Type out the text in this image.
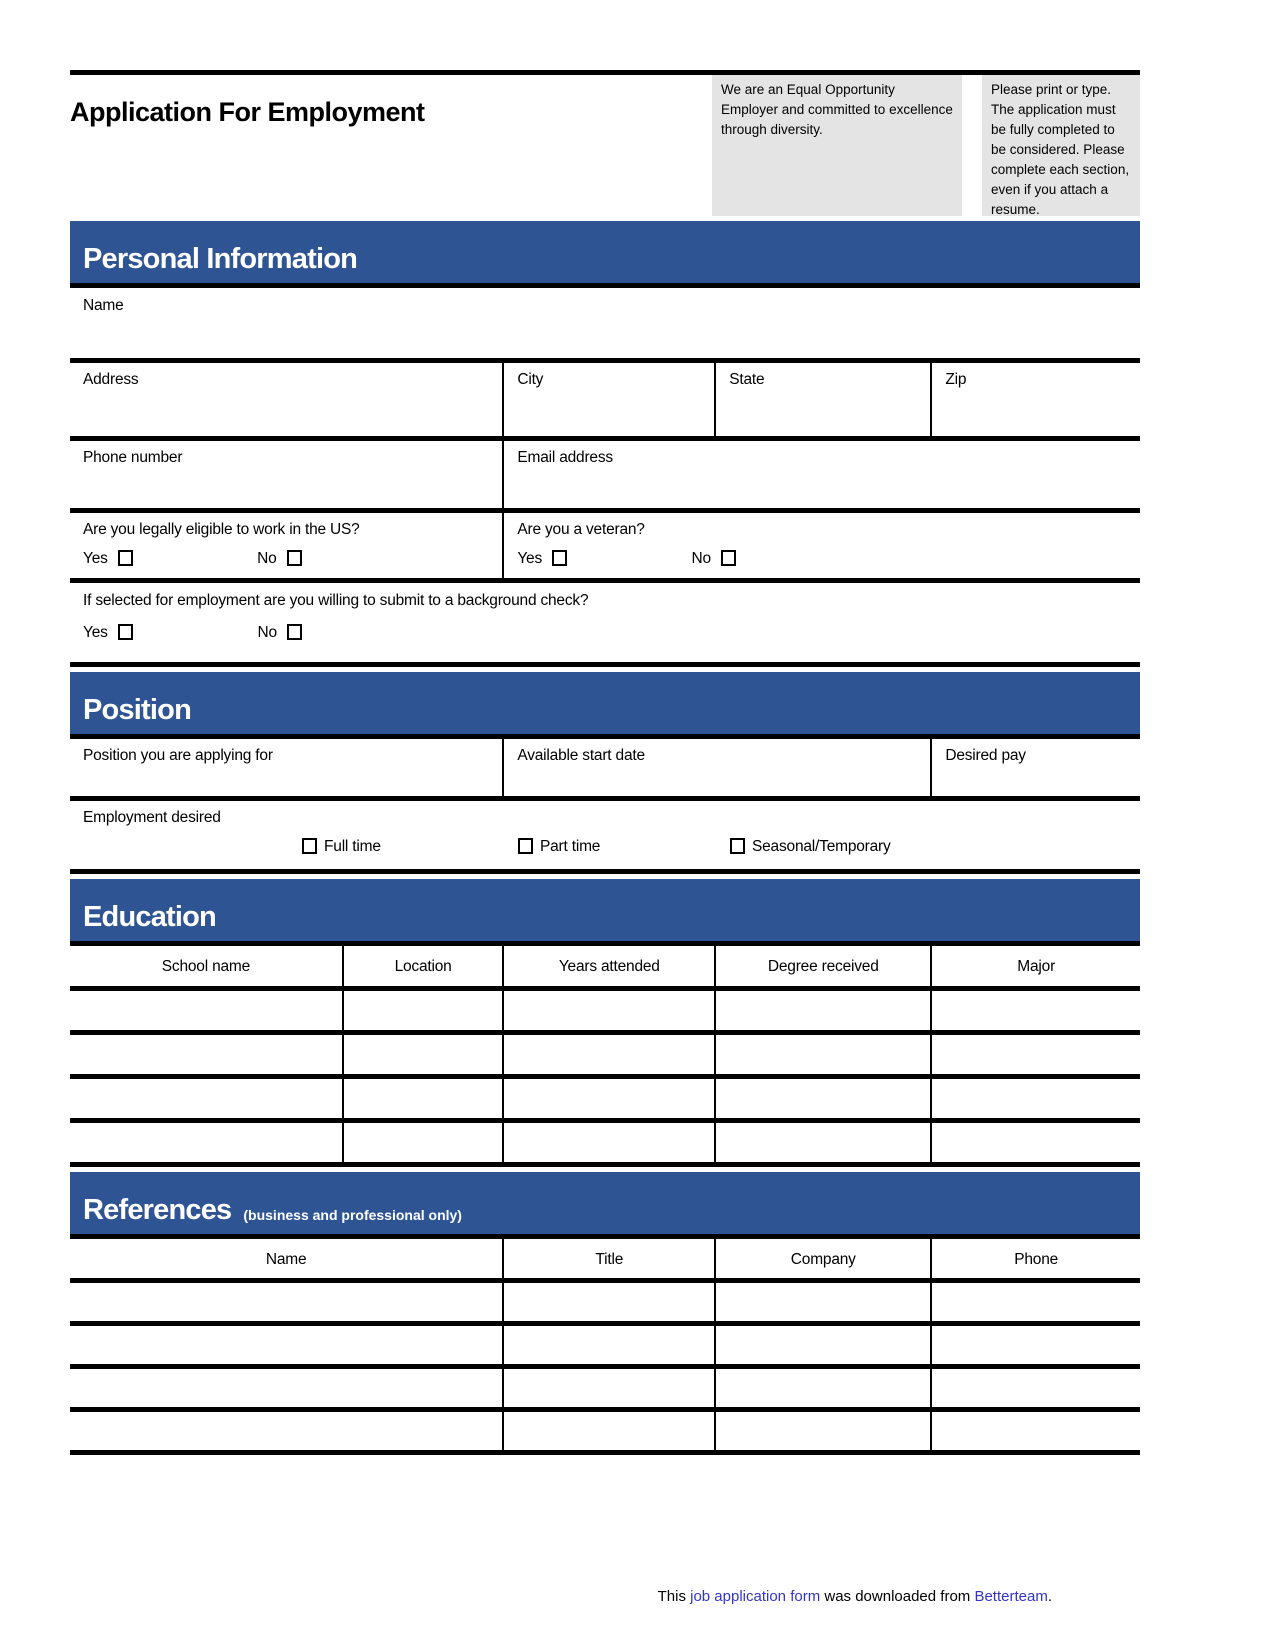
Application For Employment
We are an Equal Opportunity Employer and committed to excellence through diversity.
Please print or type. The application must be fully completed to be considered. Please complete each section, even if you attach a resume.
Personal Information
Name
Address	City	State	Zip
Phone number	Email address
Are you legally eligible to work in the US?
Yes	No

Are you a veteran?
Yes	No
If selected for employment are you willing to submit to a background check?
Yes	No
Position
Position you are applying for	Available start date	Desired pay
Employment desired
Full time	Part time	Seasonal/Temporary
Education
School name	Location	Years attended	Degree received	Major

References (business and professional only)
Name	Title	Company	Phone

This job application form was downloaded from Betterteam.
